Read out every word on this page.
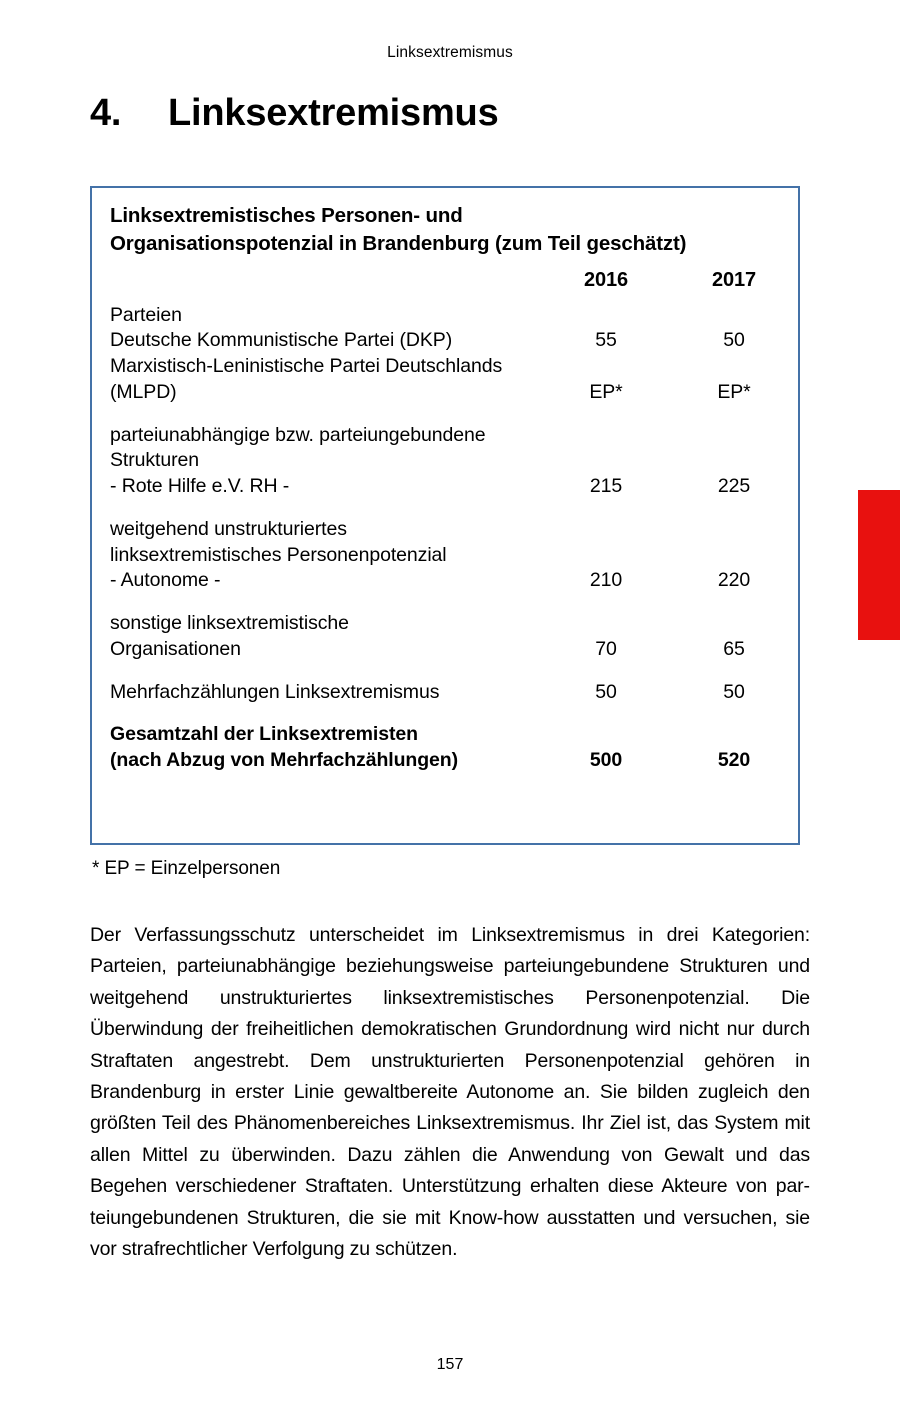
Linksextremismus
4. Linksextremismus
Linksextremistisches Personen- und
Organisationspotenzial in Brandenburg (zum Teil geschätzt)
	2016	2017
Parteien		
Deutsche Kommunistische Partei (DKP)	55	50
Marxistisch-Leninistische Partei Deutschlands		
(MLPD)	EP*	EP*

parteiunabhängige bzw. parteiungebundene		
Strukturen		
- Rote Hilfe e.V. RH -	215	225

weitgehend unstrukturiertes		
linksextremistisches Personenpotenzial		
- Autonome -	210	220

sonstige linksextremistische		
Organisationen	70	65

Mehrfachzählungen Linksextremismus	50	50

Gesamtzahl der Linksextremisten		
(nach Abzug von Mehrfachzählungen)	500	520
* EP = Einzelpersonen
Der Verfassungsschutz unterscheidet im Linksextremismus in drei Kategorien: Parteien, parteiunabhängige beziehungsweise parteiungebundene Strukturen und weitgehend unstrukturiertes linksextremistisches Personenpotenzial. Die Überwindung der freiheitlichen demokratischen Grundordnung wird nicht nur durch Straftaten angestrebt. Dem unstrukturierten Personenpotenzial gehören in Brandenburg in erster Linie gewaltbereite Autonome an. Sie bilden zugleich den größten Teil des Phänomenbereiches Linksextremismus. Ihr Ziel ist, das System mit allen Mittel zu überwinden. Dazu zählen die Anwendung von Gewalt und das Begehen verschiedener Straftaten. Unterstützung erhalten diese Akteure von parteiungebundenen Strukturen, die sie mit Know-how ausstatten und versuchen, sie vor strafrechtlicher Verfolgung zu schützen.
157
